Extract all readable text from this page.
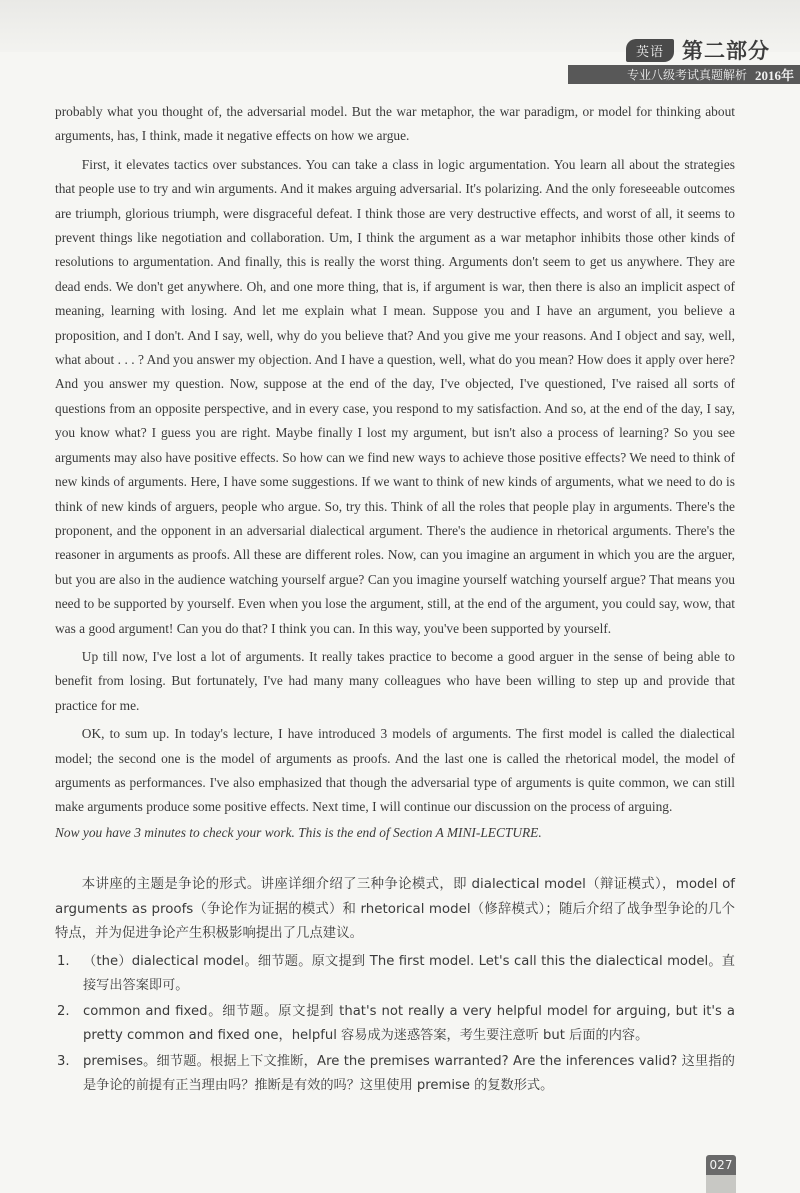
英语 第二部分
专业八级考试真题解析 2016年

probably what you thought of, the adversarial model. But the war metaphor, the war paradigm, or model for thinking about arguments, has, I think, made it negative effects on how we argue.

First, it elevates tactics over substances. You can take a class in logic argumentation. You learn all about the strategies that people use to try and win arguments. And it makes arguing adversarial. It's polarizing. And the only foreseeable outcomes are triumph, glorious triumph, were disgraceful defeat. I think those are very destructive effects, and worst of all, it seems to prevent things like negotiation and collaboration. Um, I think the argument as a war metaphor inhibits those other kinds of resolutions to argumentation. And finally, this is really the worst thing. Arguments don't seem to get us anywhere. They are dead ends. We don't get anywhere. Oh, and one more thing, that is, if argument is war, then there is also an implicit aspect of meaning, learning with losing. And let me explain what I mean. Suppose you and I have an argument, you believe a proposition, and I don't. And I say, well, why do you believe that? And you give me your reasons. And I object and say, well, what about . . . ? And you answer my objection. And I have a question, well, what do you mean? How does it apply over here? And you answer my question. Now, suppose at the end of the day, I've objected, I've questioned, I've raised all sorts of questions from an opposite perspective, and in every case, you respond to my satisfaction. And so, at the end of the day, I say, you know what? I guess you are right. Maybe finally I lost my argument, but isn't also a process of learning? So you see arguments may also have positive effects. So how can we find new ways to achieve those positive effects? We need to think of new kinds of arguments. Here, I have some suggestions. If we want to think of new kinds of arguments, what we need to do is think of new kinds of arguers, people who argue. So, try this. Think of all the roles that people play in arguments. There's the proponent, and the opponent in an adversarial dialectical argument. There's the audience in rhetorical arguments. There's the reasoner in arguments as proofs. All these are different roles. Now, can you imagine an argument in which you are the arguer, but you are also in the audience watching yourself argue? Can you imagine yourself watching yourself argue? That means you need to be supported by yourself. Even when you lose the argument, still, at the end of the argument, you could say, wow, that was a good argument! Can you do that? I think you can. In this way, you've been supported by yourself.

Up till now, I've lost a lot of arguments. It really takes practice to become a good arguer in the sense of being able to benefit from losing. But fortunately, I've had many many colleagues who have been willing to step up and provide that practice for me.

OK, to sum up. In today's lecture, I have introduced 3 models of arguments. The first model is called the dialectical model; the second one is the model of arguments as proofs. And the last one is called the rhetorical model, the model of arguments as performances. I've also emphasized that though the adversarial type of arguments is quite common, we can still make arguments produce some positive effects. Next time, I will continue our discussion on the process of arguing.

Now you have 3 minutes to check your work. This is the end of Section A MINI-LECTURE.

本讲座的主题是争论的形式。讲座详细介绍了三种争论模式，即 dialectical model（辩证模式），model of arguments as proofs（争论作为证据的模式）和 rhetorical model（修辞模式）；随后介绍了战争型争论的几个特点，并为促进争论产生积极影响提出了几点建议。

1. （the）dialectical model。细节题。原文提到 The first model. Let's call this the dialectical model。直接写出答案即可。
2. common and fixed。细节题。原文提到 that's not really a very helpful model for arguing, but it's a pretty common and fixed one，helpful 容易成为迷惑答案，考生要注意听 but 后面的内容。
3. premises。细节题。根据上下文推断，Are the premises warranted? Are the inferences valid? 这里指的是争论的前提有正当理由吗？推断是有效的吗？这里使用 premise 的复数形式。
027
